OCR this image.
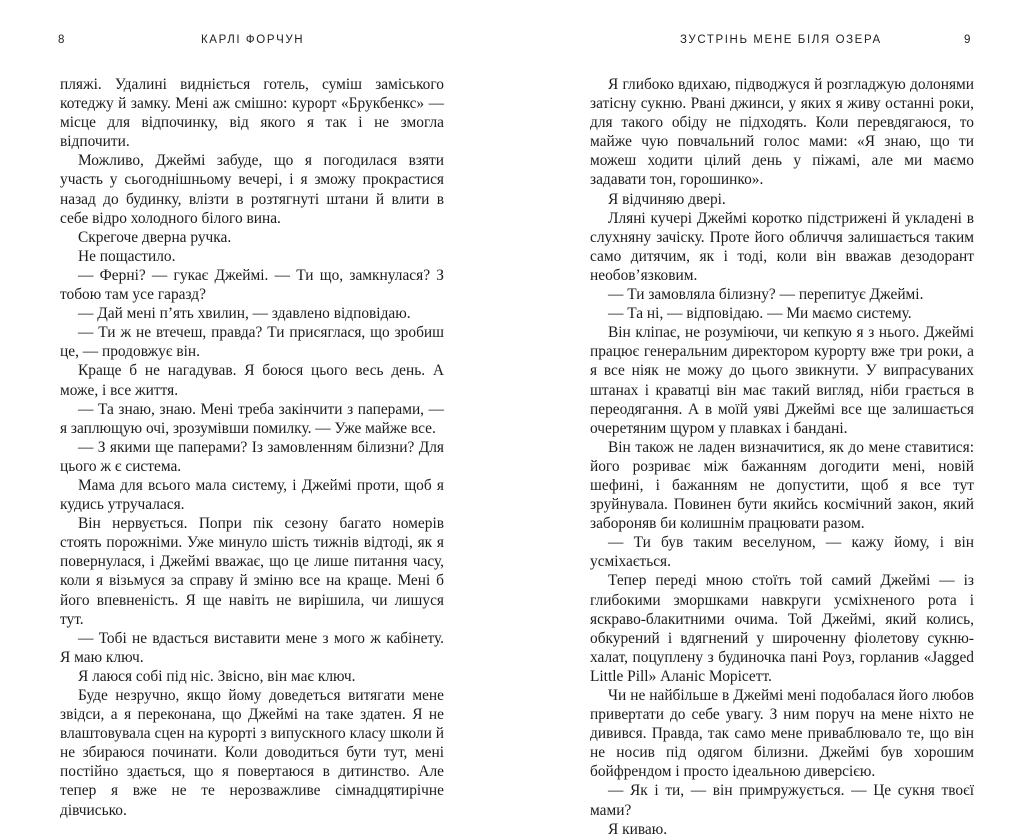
8	КАРЛІ ФОРЧУН

пляжі. Удалині видніється готель, суміш заміського котеджу й замку. Мені аж смішно: курорт «Брукбенкс» — місце для відпочинку, від якого я так і не змогла відпочити.

Можливо, Джеймі забуде, що я погодилася взяти участь у сьогоднішньому вечері, і я зможу прокрастися назад до будинку, влізти в розтягнуті штани й влити в себе відро холодного білого вина.

Скрегоче дверна ручка.

Не пощастило.

— Ферні? — гукає Джеймі. — Ти що, замкнулася? З тобою там усе гаразд?

— Дай мені п’ять хвилин, — здавлено відповідаю.

— Ти ж не втечеш, правда? Ти присяглася, що зробиш це, — продовжує він.

Краще б не нагадував. Я боюся цього весь день. А може, і все життя.

— Та знаю, знаю. Мені треба закінчити з паперами, — я заплющую очі, зрозумівши помилку. — Уже майже все.

— З якими ще паперами? Із замовленням білизни? Для цього ж є система.

Мама для всього мала систему, і Джеймі проти, щоб я кудись утручалася.

Він нервується. Попри пік сезону багато номерів стоять порожніми. Уже минуло шість тижнів відтоді, як я повернулася, і Джеймі вважає, що це лише питання часу, коли я візьмуся за справу й зміню все на краще. Мені б його впевненість. Я ще навіть не вирішила, чи лишуся тут.

— Тобі не вдасться виставити мене з мого ж кабінету. Я маю ключ.

Я лаюся собі під ніс. Звісно, він має ключ.

Буде незручно, якщо йому доведеться витягати мене звідси, а я переконана, що Джеймі на таке здатен. Я не влаштовувала сцен на курорті з випускного класу школи й не збираюся починати. Коли доводиться бути тут, мені постійно здається, що я повертаюся в дитинство. Але тепер я вже не те нерозважливе сімнадцятирічне дівчисько.

ЗУСТРІНЬ МЕНЕ БІЛЯ ОЗЕРА	9

Я глибоко вдихаю, підводжуся й розгладжую долонями затісну сукню. Рвані джинси, у яких я живу останні роки, для такого обіду не підходять. Коли перевдягаюся, то майже чую повчальний голос мами: «Я знаю, що ти можеш ходити цілий день у піжамі, але ми маємо задавати тон, горошинко».

Я відчиняю двері.

Лляні кучері Джеймі коротко підстрижені й укладені в слухняну зачіску. Проте його обличчя залишається таким само дитячим, як і тоді, коли він вважав дезодорант необов’язковим.

— Ти замовляла білизну? — перепитує Джеймі.

— Та ні, — відповідаю. — Ми маємо систему.

Він кліпає, не розуміючи, чи кепкую я з нього. Джеймі працює генеральним директором курорту вже три роки, а я все ніяк не можу до цього звикнути. У випрасуваних штанах і краватці він має такий вигляд, ніби грається в переодягання. А в моїй уяві Джеймі все ще залишається очеретяним щуром у плавках і бандані.

Він також не ладен визначитися, як до мене ставитися: його розриває між бажанням догодити мені, новій шефині, і бажанням не допустити, щоб я все тут зруйнувала. Повинен бути якийсь космічний закон, який забороняв би колишнім працювати разом.

— Ти був таким веселуном, — кажу йому, і він усміхається.

Тепер переді мною стоїть той самий Джеймі — із глибокими зморшками навкруги усміхненого рота і яскраво-блакитними очима. Той Джеймі, який колись, обкурений і вдягнений у широченну фіолетову сукню-халат, поцуплену з будиночка пані Роуз, горланив «Jagged Little Pill» Аланіс Морісетт.

Чи не найбільше в Джеймі мені подобалася його любов привертати до себе увагу. З ним поруч на мене ніхто не дивився. Правда, так само мене приваблювало те, що він не носив під одягом білизни. Джеймі був хорошим бойфрендом і просто ідеальною диверсією.

— Як і ти, — він примружується. — Це сукня твоєї мами?

Я киваю.
